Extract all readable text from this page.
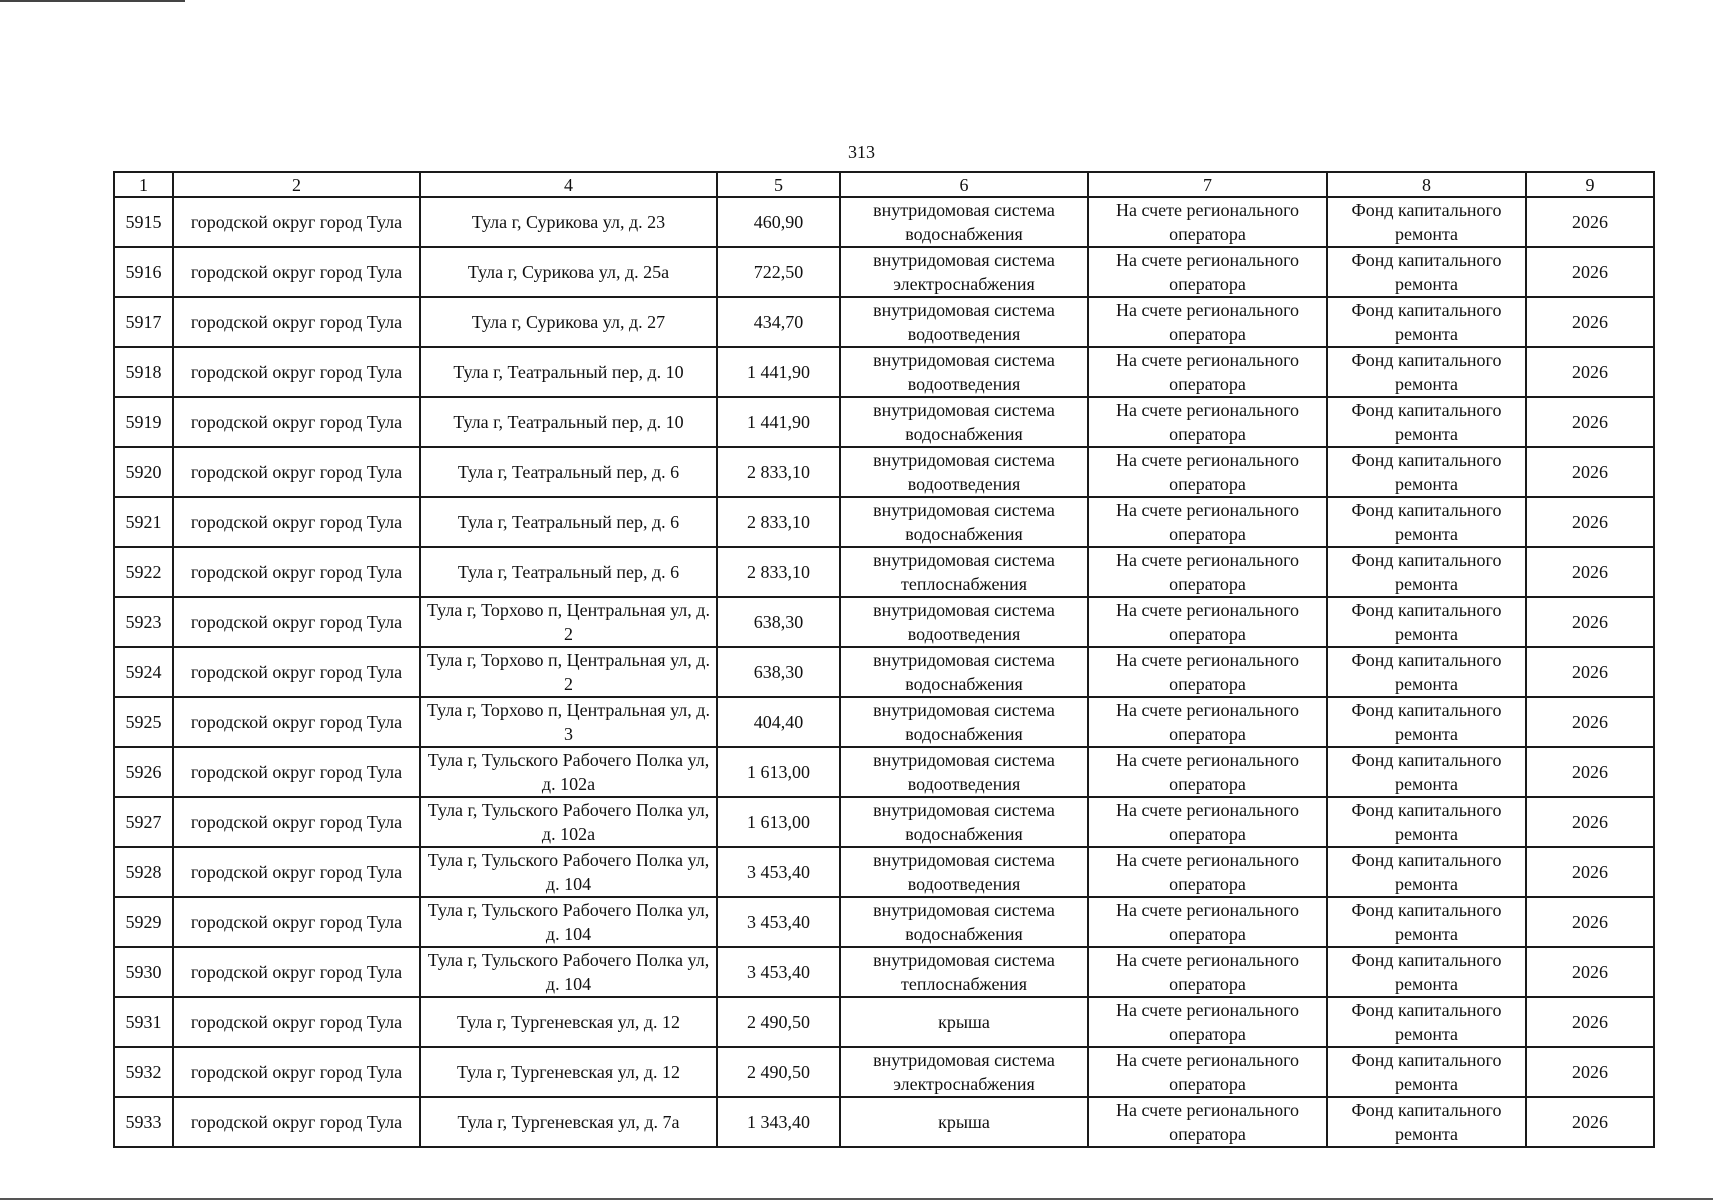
313
1	2	4	5	6	7	8	9
5915	городской округ город Тула	Тула г, Сурикова ул, д. 23	460,90	внутридомовая система водоснабжения	На счете регионального оператора	Фонд капитального ремонта	2026
5916	городской округ город Тула	Тула г, Сурикова ул, д. 25а	722,50	внутридомовая система электроснабжения	На счете регионального оператора	Фонд капитального ремонта	2026
5917	городской округ город Тула	Тула г, Сурикова ул, д. 27	434,70	внутридомовая система водоотведения	На счете регионального оператора	Фонд капитального ремонта	2026
5918	городской округ город Тула	Тула г, Театральный пер, д. 10	1 441,90	внутридомовая система водоотведения	На счете регионального оператора	Фонд капитального ремонта	2026
5919	городской округ город Тула	Тула г, Театральный пер, д. 10	1 441,90	внутридомовая система водоснабжения	На счете регионального оператора	Фонд капитального ремонта	2026
5920	городской округ город Тула	Тула г, Театральный пер, д. 6	2 833,10	внутридомовая система водоотведения	На счете регионального оператора	Фонд капитального ремонта	2026
5921	городской округ город Тула	Тула г, Театральный пер, д. 6	2 833,10	внутридомовая система водоснабжения	На счете регионального оператора	Фонд капитального ремонта	2026
5922	городской округ город Тула	Тула г, Театральный пер, д. 6	2 833,10	внутридомовая система теплоснабжения	На счете регионального оператора	Фонд капитального ремонта	2026
5923	городской округ город Тула	Тула г, Торхово п, Центральная ул, д. 2	638,30	внутридомовая система водоотведения	На счете регионального оператора	Фонд капитального ремонта	2026
5924	городской округ город Тула	Тула г, Торхово п, Центральная ул, д. 2	638,30	внутридомовая система водоснабжения	На счете регионального оператора	Фонд капитального ремонта	2026
5925	городской округ город Тула	Тула г, Торхово п, Центральная ул, д. 3	404,40	внутридомовая система водоснабжения	На счете регионального оператора	Фонд капитального ремонта	2026
5926	городской округ город Тула	Тула г, Тульского Рабочего Полка ул, д. 102а	1 613,00	внутридомовая система водоотведения	На счете регионального оператора	Фонд капитального ремонта	2026
5927	городской округ город Тула	Тула г, Тульского Рабочего Полка ул, д. 102а	1 613,00	внутридомовая система водоснабжения	На счете регионального оператора	Фонд капитального ремонта	2026
5928	городской округ город Тула	Тула г, Тульского Рабочего Полка ул, д. 104	3 453,40	внутридомовая система водоотведения	На счете регионального оператора	Фонд капитального ремонта	2026
5929	городской округ город Тула	Тула г, Тульского Рабочего Полка ул, д. 104	3 453,40	внутридомовая система водоснабжения	На счете регионального оператора	Фонд капитального ремонта	2026
5930	городской округ город Тула	Тула г, Тульского Рабочего Полка ул, д. 104	3 453,40	внутридомовая система теплоснабжения	На счете регионального оператора	Фонд капитального ремонта	2026
5931	городской округ город Тула	Тула г, Тургеневская ул, д. 12	2 490,50	крыша	На счете регионального оператора	Фонд капитального ремонта	2026
5932	городской округ город Тула	Тула г, Тургеневская ул, д. 12	2 490,50	внутридомовая система электроснабжения	На счете регионального оператора	Фонд капитального ремонта	2026
5933	городской округ город Тула	Тула г, Тургеневская ул, д. 7а	1 343,40	крыша	На счете регионального оператора	Фонд капитального ремонта	2026
